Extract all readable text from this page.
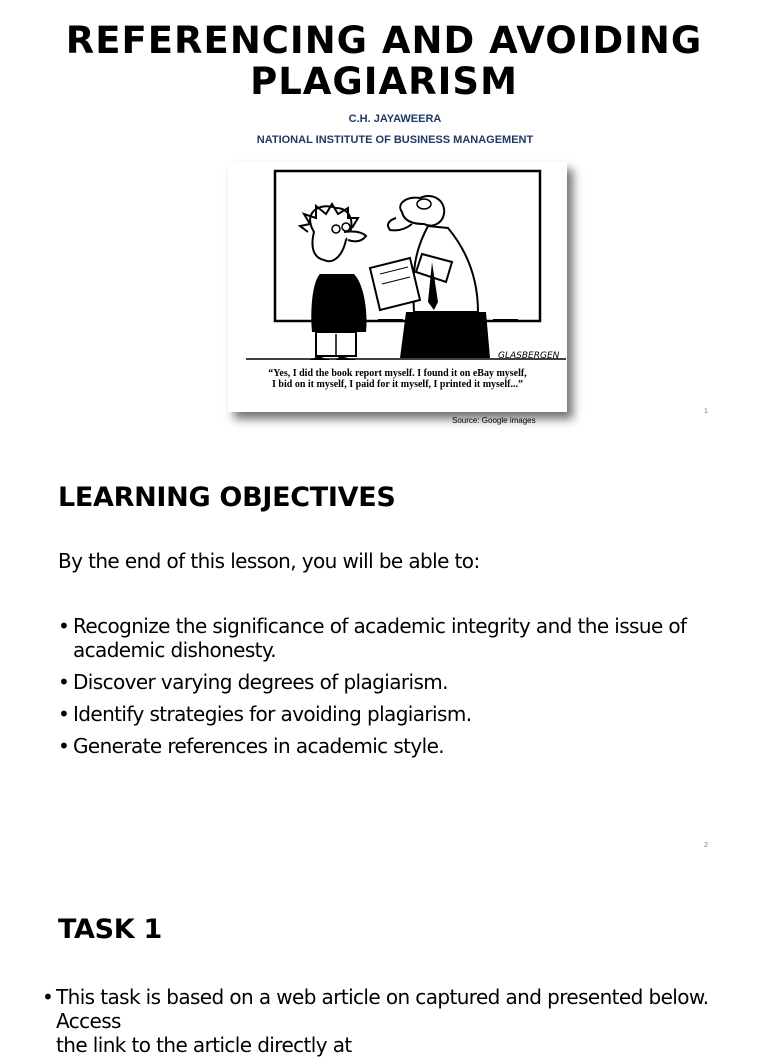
REFERENCING AND AVOIDING
PLAGIARISM
C.H. JAYAWEERA
NATIONAL INSTITUTE OF BUSINESS MANAGEMENT
GLASBERGEN
“Yes, I did the book report myself. I found it on eBay myself,
I bid on it myself, I paid for it myself, I printed it myself...”
Source: Google images
1
LEARNING OBJECTIVES
By the end of this lesson, you will be able to:
• Recognize the significance of academic integrity and the issue of
academic dishonesty.
• Discover varying degrees of plagiarism.
• Identify strategies for avoiding plagiarism.
• Generate references in academic style.
2
TASK 1
• This task is based on a web article on captured and presented below. Access
the link to the article directly at
